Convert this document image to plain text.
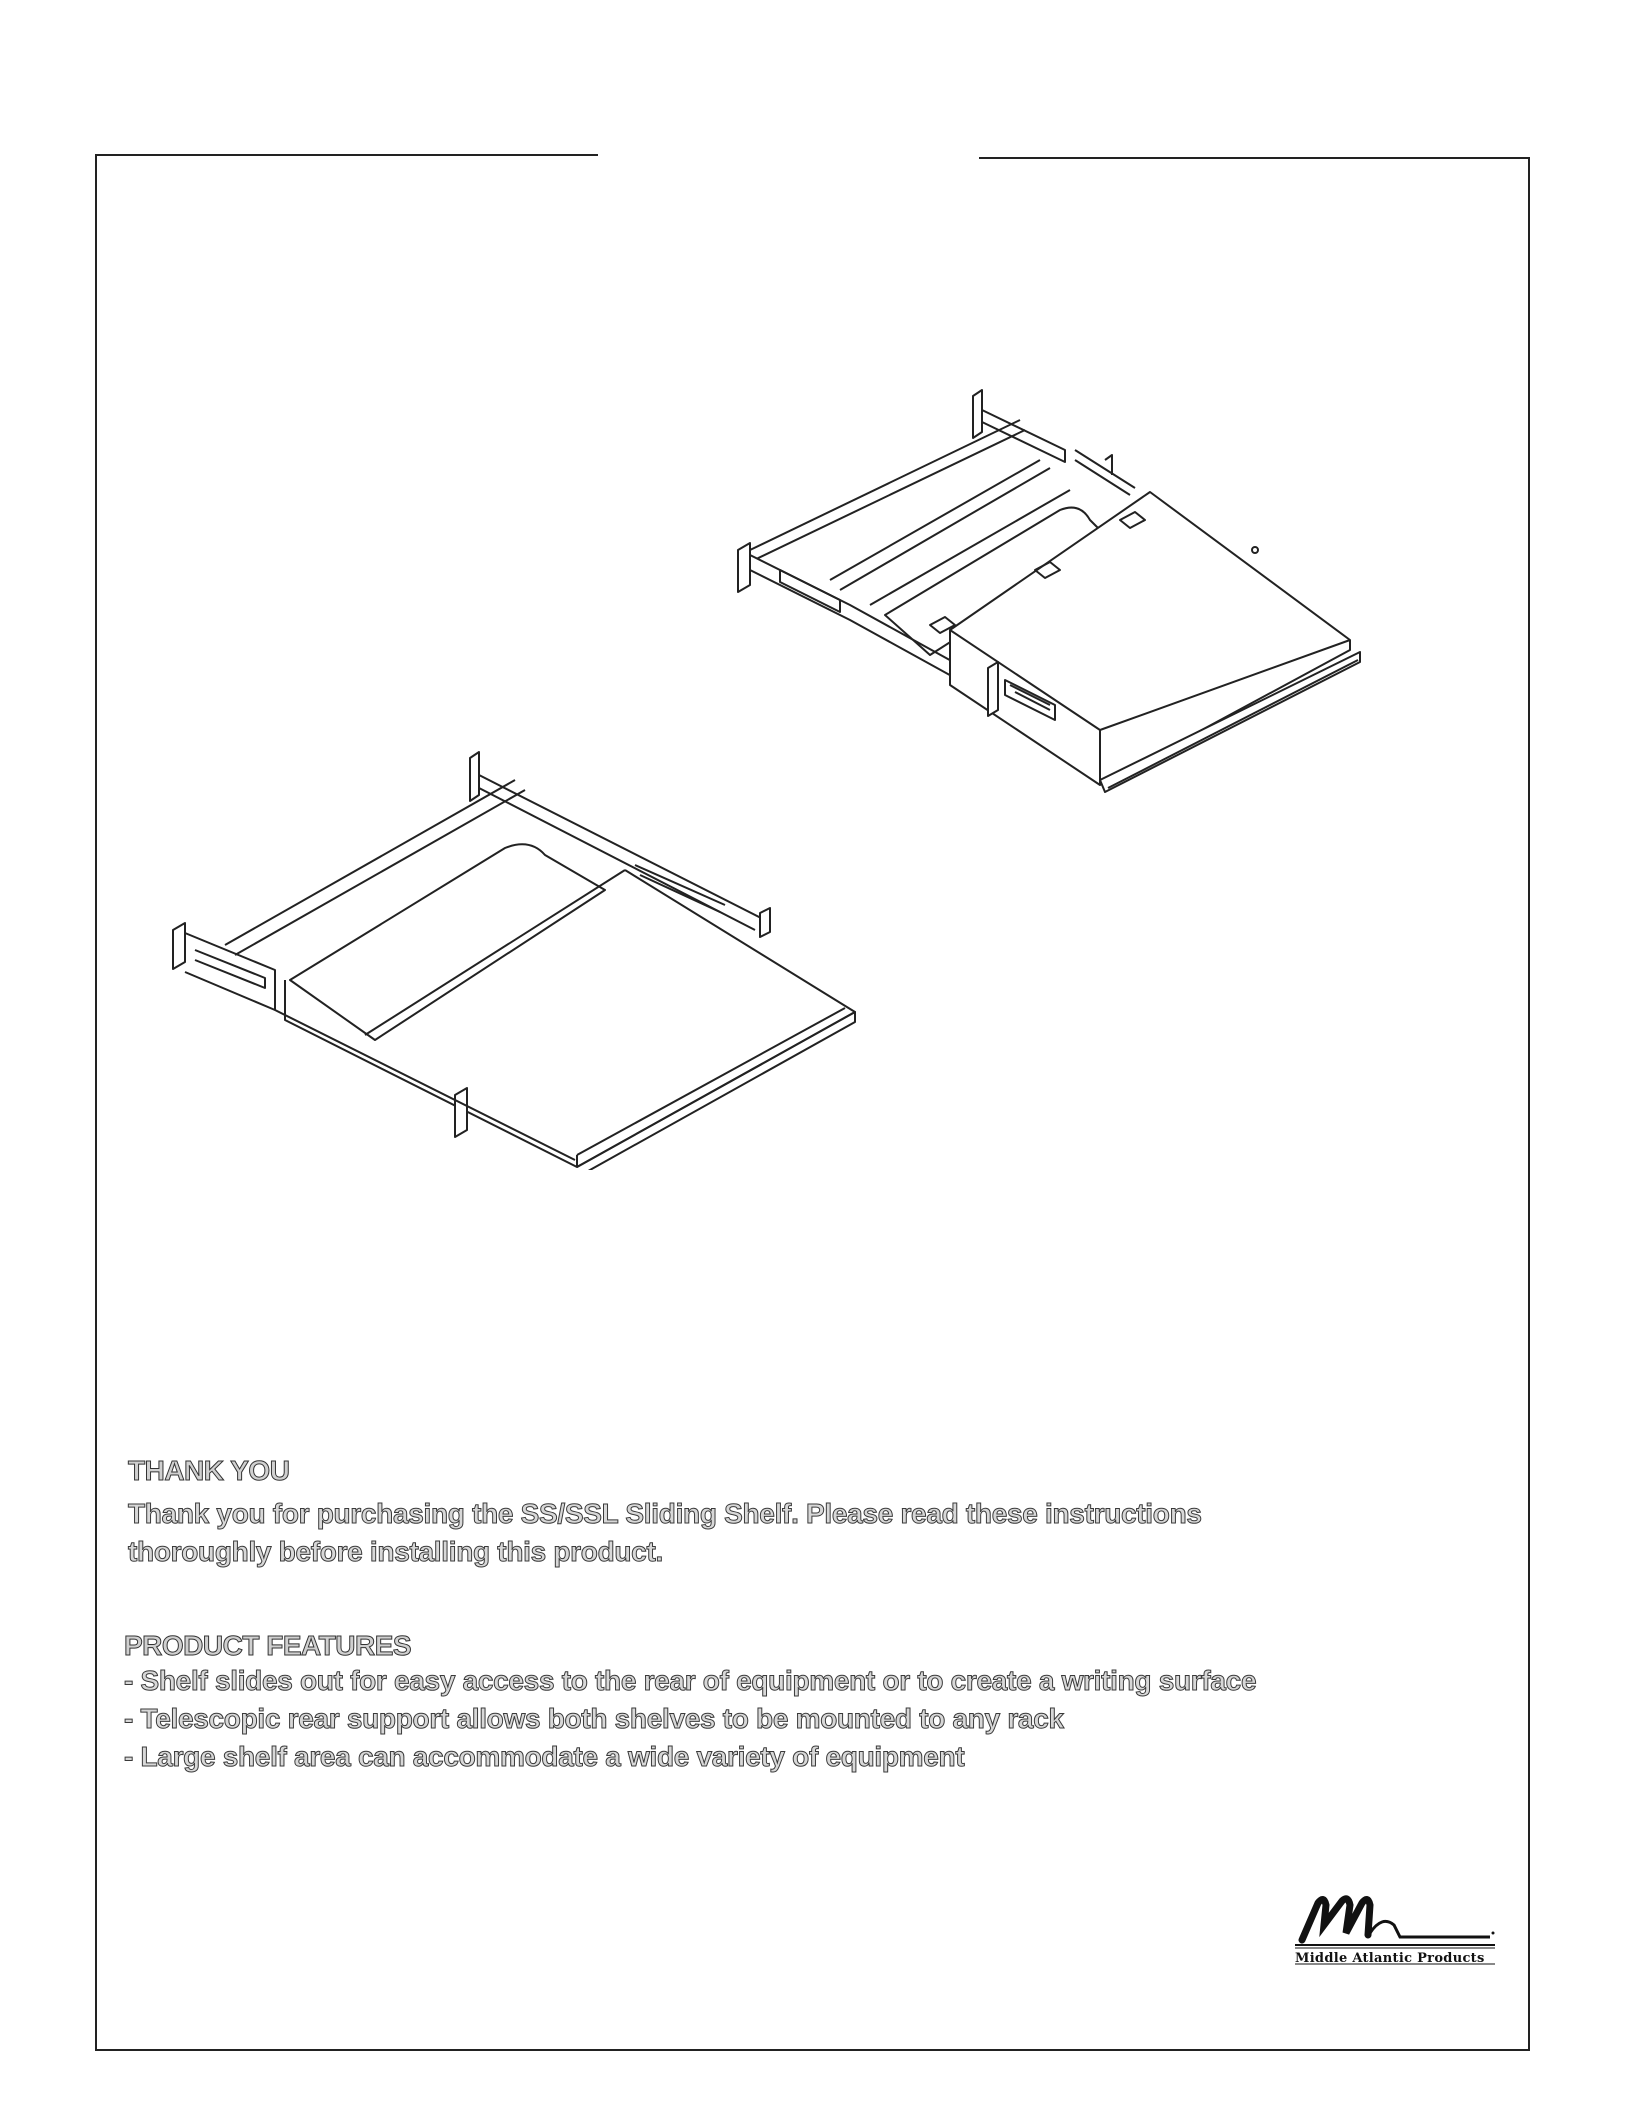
THANK YOU

Thank you for purchasing the SS/SSL Sliding Shelf. Please read these instructions

thoroughly before installing this product.

PRODUCT FEATURES
- Shelf slides out for easy access to the rear of equipment or to create a writing surface
- Telescopic rear support allows both shelves to be mounted to any rack
- Large shelf area can accommodate a wide variety of equipment
Middle Atlantic Products
